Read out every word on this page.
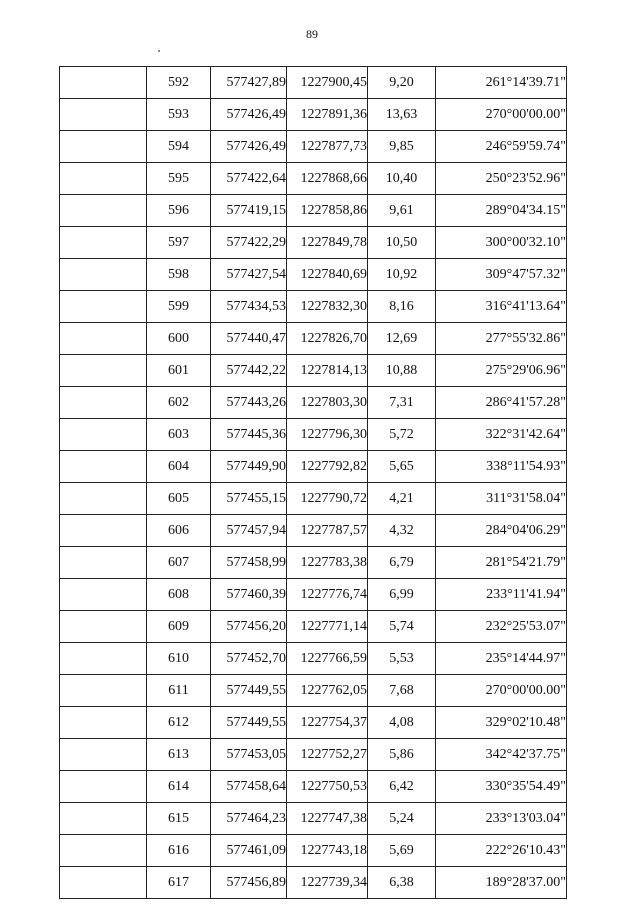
89
	592	577427,89	1227900,45	9,20	261°14'39.71"
	593	577426,49	1227891,36	13,63	270°00'00.00"
	594	577426,49	1227877,73	9,85	246°59'59.74"
	595	577422,64	1227868,66	10,40	250°23'52.96"
	596	577419,15	1227858,86	9,61	289°04'34.15"
	597	577422,29	1227849,78	10,50	300°00'32.10"
	598	577427,54	1227840,69	10,92	309°47'57.32"
	599	577434,53	1227832,30	8,16	316°41'13.64"
	600	577440,47	1227826,70	12,69	277°55'32.86"
	601	577442,22	1227814,13	10,88	275°29'06.96"
	602	577443,26	1227803,30	7,31	286°41'57.28"
	603	577445,36	1227796,30	5,72	322°31'42.64"
	604	577449,90	1227792,82	5,65	338°11'54.93"
	605	577455,15	1227790,72	4,21	311°31'58.04"
	606	577457,94	1227787,57	4,32	284°04'06.29"
	607	577458,99	1227783,38	6,79	281°54'21.79"
	608	577460,39	1227776,74	6,99	233°11'41.94"
	609	577456,20	1227771,14	5,74	232°25'53.07"
	610	577452,70	1227766,59	5,53	235°14'44.97"
	611	577449,55	1227762,05	7,68	270°00'00.00"
	612	577449,55	1227754,37	4,08	329°02'10.48"
	613	577453,05	1227752,27	5,86	342°42'37.75"
	614	577458,64	1227750,53	6,42	330°35'54.49"
	615	577464,23	1227747,38	5,24	233°13'03.04"
	616	577461,09	1227743,18	5,69	222°26'10.43"
	617	577456,89	1227739,34	6,38	189°28'37.00"
